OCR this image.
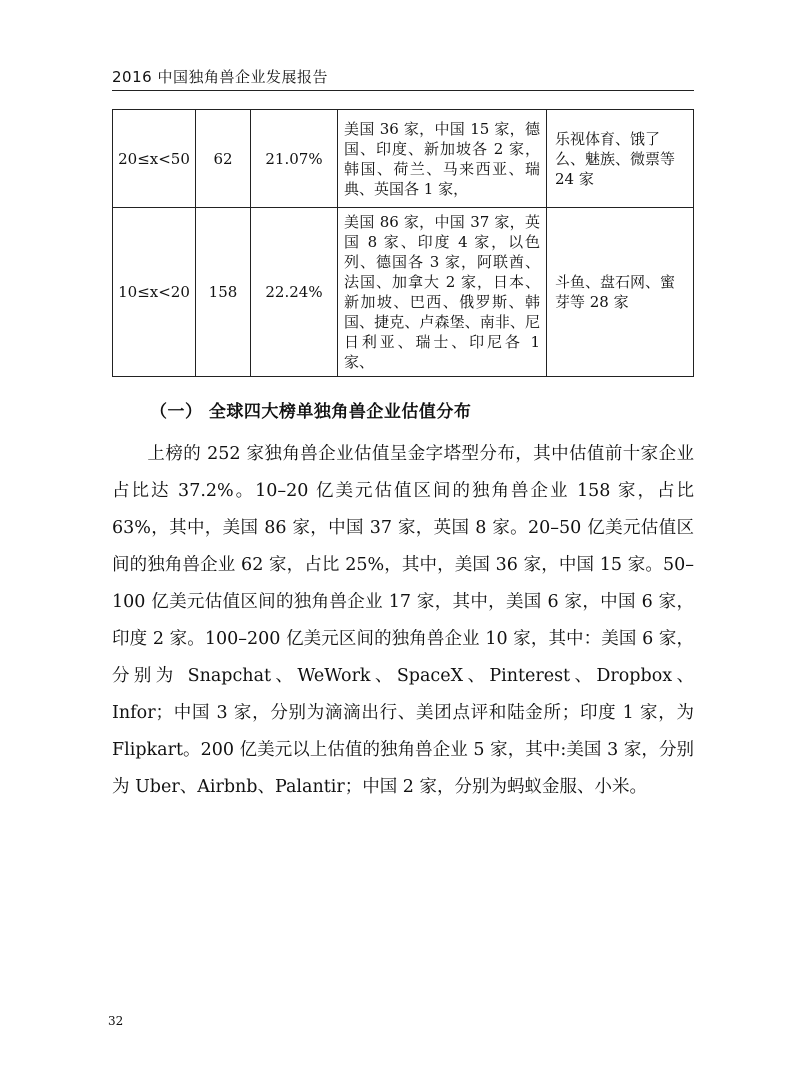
2016 中国独角兽企业发展报告
20≤x<50	62	21.07%	美国 36 家，中国 15 家，德国、印度、新加坡各 2 家，韩国、荷兰、马来西亚、瑞典、英国各 1 家，	乐视体育、饿了么、魅族、微票等 24 家
10≤x<20	158	22.24%	美国 86 家，中国 37 家，英国 8 家、印度 4 家，以色列、德国各 3 家，阿联酋、法国、加拿大 2 家，日本、新加坡、巴西、俄罗斯、韩国、捷克、卢森堡、南非、尼日利亚、瑞士、印尼各 1 家、	斗鱼、盘石网、蜜芽等 28 家
（一） 全球四大榜单独角兽企业估值分布

上榜的 252 家独角兽企业估值呈金字塔型分布，其中估值前十家企业占比达 37.2%。10–20 亿美元估值区间的独角兽企业 158 家，占比 63%，其中，美国 86 家，中国 37 家，英国 8 家。20–50 亿美元估值区间的独角兽企业 62 家，占比 25%，其中，美国 36 家，中国 15 家。50–100 亿美元估值区间的独角兽企业 17 家，其中，美国 6 家，中国 6 家，印度 2 家。100–200 亿美元区间的独角兽企业 10 家，其中：美国 6 家，分别为 Snapchat、WeWork、SpaceX、Pinterest、Dropbox、Infor；中国 3 家，分别为滴滴出行、美团点评和陆金所；印度 1 家，为 Flipkart。200 亿美元以上估值的独角兽企业 5 家，其中:美国 3 家，分别为 Uber、Airbnb、Palantir；中国 2 家，分别为蚂蚁金服、小米。

32
